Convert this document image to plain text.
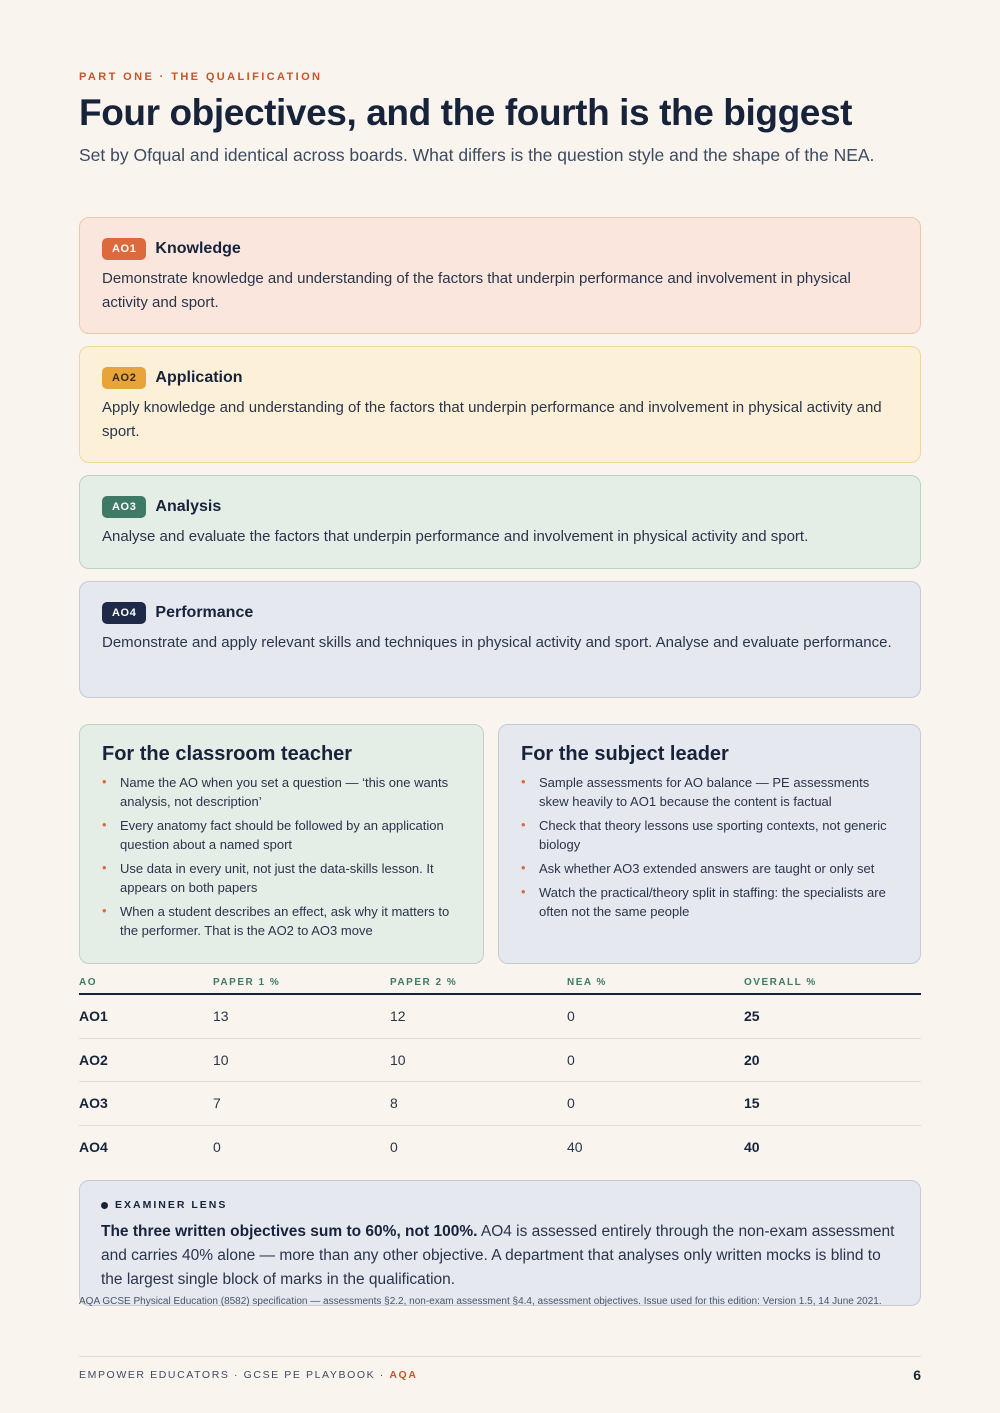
PART ONE · THE QUALIFICATION
Four objectives, and the fourth is the biggest

Set by Ofqual and identical across boards. What differs is the question style and the shape of the NEA.

AO1	Knowledge

Demonstrate knowledge and understanding of the factors that underpin performance and involvement in physical activity and sport.

AO2	Application

Apply knowledge and understanding of the factors that underpin performance and involvement in physical activity and sport.

AO3	Analysis

Analyse and evaluate the factors that underpin performance and involvement in physical activity and sport.

AO4	Performance

Demonstrate and apply relevant skills and techniques in physical activity and sport. Analyse and evaluate performance.

For the classroom teacher
• Name the AO when you set a question — ‘this one wants analysis, not description’
• Every anatomy fact should be followed by an application question about a named sport
• Use data in every unit, not just the data-skills lesson. It appears on both papers
• When a student describes an effect, ask why it matters to the performer. That is the AO2 to AO3 move
For the subject leader
• Sample assessments for AO balance — PE assessments skew heavily to AO1 because the content is factual
• Check that theory lessons use sporting contexts, not generic biology
• Ask whether AO3 extended answers are taught or only set
• Watch the practical/theory split in staffing: the specialists are often not the same people
AO	PAPER 1 %	PAPER 2 %	NEA %	OVERALL %
AO1	13	12	0	25
AO2	10	10	0	20
AO3	7	8	0	15
AO4	0	0	40	40
EXAMINER LENS

The three written objectives sum to 60%, not 100%. AO4 is assessed entirely through the non-exam assessment and carries 40% alone — more than any other objective. A department that analyses only written mocks is blind to the largest single block of marks in the qualification.

AQA GCSE Physical Education (8582) specification — assessments §2.2, non-exam assessment §4.4, assessment objectives. Issue used for this edition: Version 1.5, 14 June 2021.

EMPOWER EDUCATORS · GCSE PE PLAYBOOK · AQA	6
